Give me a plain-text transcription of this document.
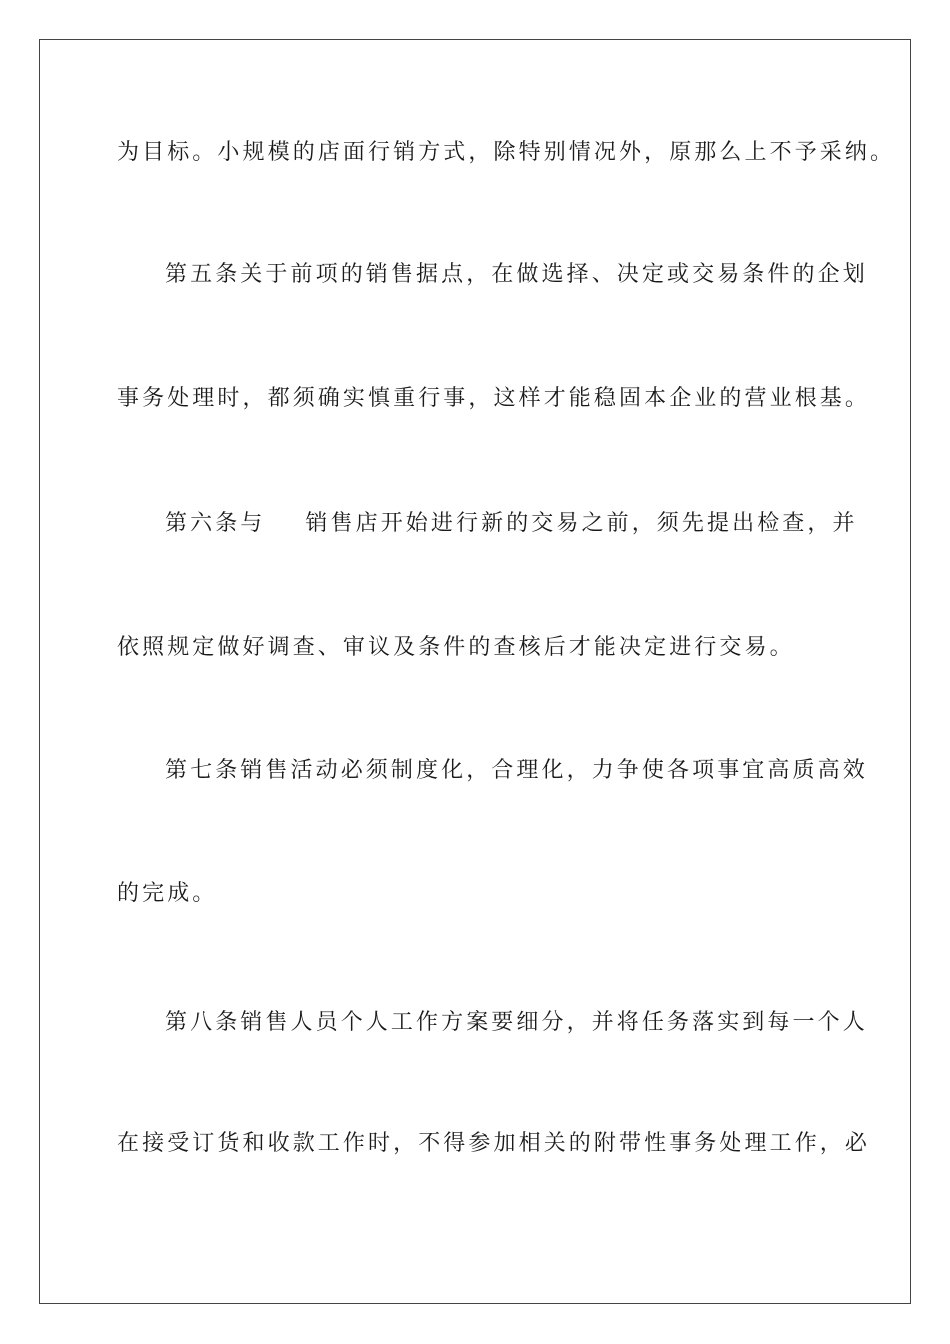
为目标。小规模的店面行销方式，除特别情况外，原那么上不予采纳。
第五条关于前项的销售据点，在做选择、决定或交易条件的企划
事务处理时，都须确实慎重行事，这样才能稳固本企业的营业根基。
第六条与 销售店开始进行新的交易之前，须先提出检查，并
依照规定做好调查、审议及条件的查核后才能决定进行交易。
第七条销售活动必须制度化，合理化，力争使各项事宜高质高效
的完成。
第八条销售人员个人工作方案要细分，并将任务落实到每一个人
在接受订货和收款工作时，不得参加相关的附带性事务处理工作，必
